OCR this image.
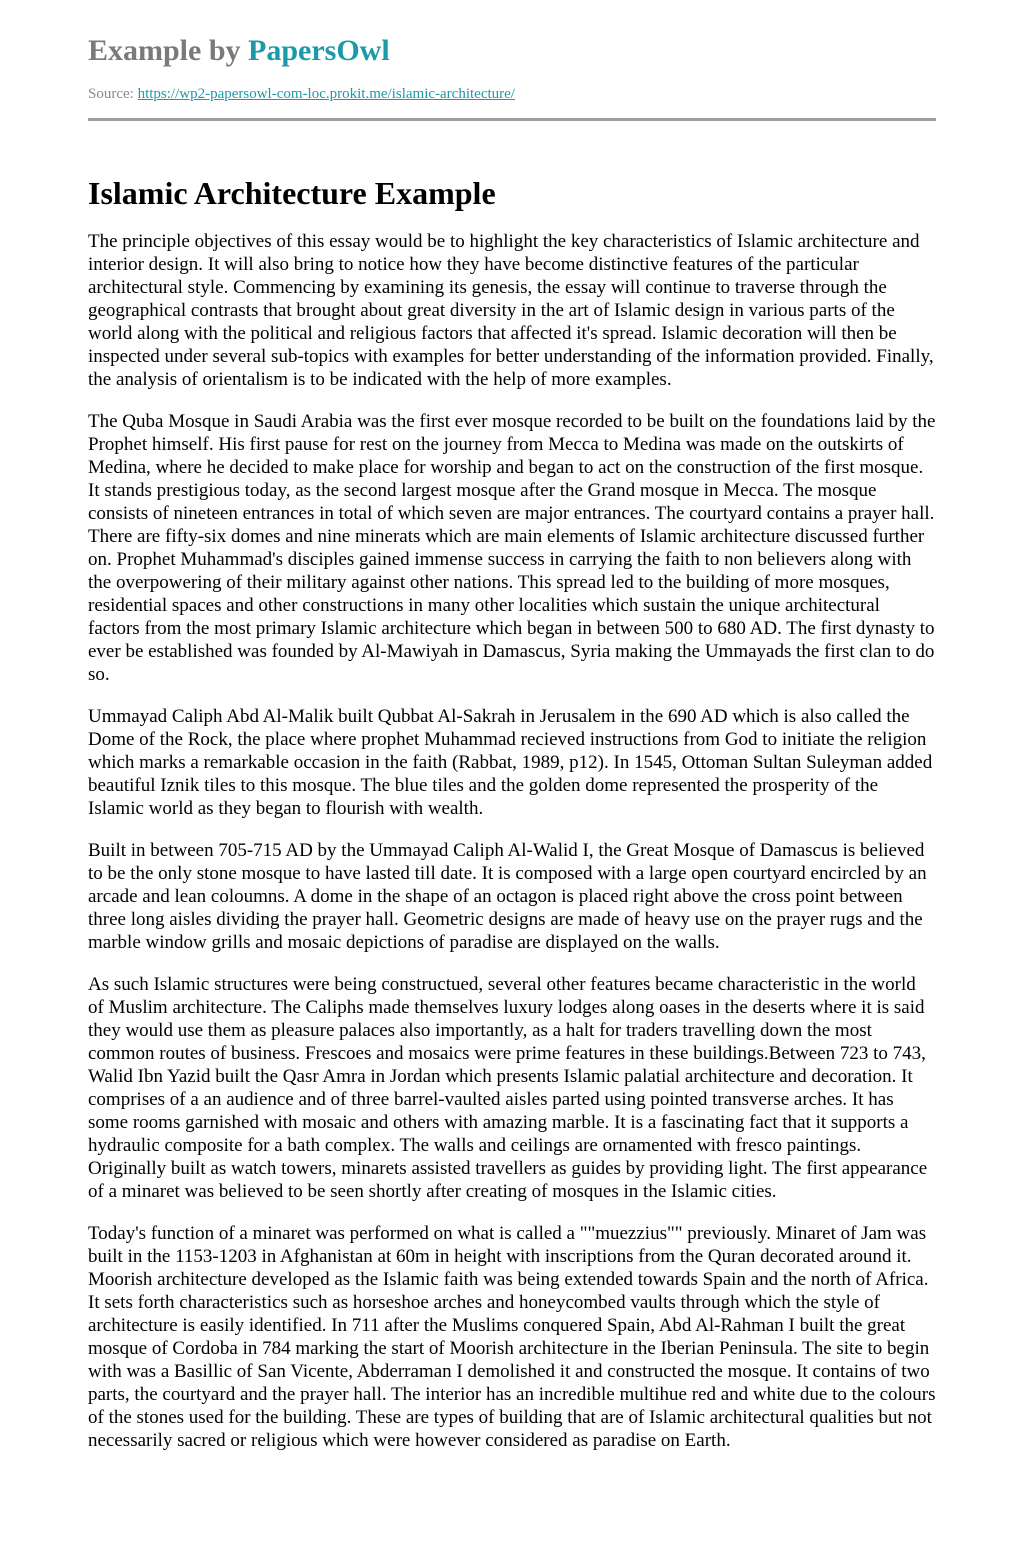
Example by PapersOwl
Source: https://wp2-papersowl-com-loc.prokit.me/islamic-architecture/
Islamic Architecture Example

The principle objectives of this essay would be to highlight the key characteristics of Islamic architecture and interior design. It will also bring to notice how they have become distinctive features of the particular architectural style. Commencing by examining its genesis, the essay will continue to traverse through the geographical contrasts that brought about great diversity in the art of Islamic design in various parts of the world along with the political and religious factors that affected it's spread. Islamic decoration will then be inspected under several sub-topics with examples for better understanding of the information provided. Finally, the analysis of orientalism is to be indicated with the help of more examples.

The Quba Mosque in Saudi Arabia was the first ever mosque recorded to be built on the foundations laid by the Prophet himself. His first pause for rest on the journey from Mecca to Medina was made on the outskirts of Medina, where he decided to make place for worship and began to act on the construction of the first mosque. It stands prestigious today, as the second largest mosque after the Grand mosque in Mecca. The mosque consists of nineteen entrances in total of which seven are major entrances. The courtyard contains a prayer hall. There are fifty-six domes and nine minerats which are main elements of Islamic architecture discussed further on. Prophet Muhammad's disciples gained immense success in carrying the faith to non believers along with the overpowering of their military against other nations. This spread led to the building of more mosques, residential spaces and other constructions in many other localities which sustain the unique architectural factors from the most primary Islamic architecture which began in between 500 to 680 AD. The first dynasty to ever be established was founded by Al-Mawiyah in Damascus, Syria making the Ummayads the first clan to do so.

Ummayad Caliph Abd Al-Malik built Qubbat Al-Sakrah in Jerusalem in the 690 AD which is also called the Dome of the Rock, the place where prophet Muhammad recieved instructions from God to initiate the religion which marks a remarkable occasion in the faith (Rabbat, 1989, p12). In 1545, Ottoman Sultan Suleyman added beautiful Iznik tiles to this mosque. The blue tiles and the golden dome represented the prosperity of the Islamic world as they began to flourish with wealth.

Built in between 705-715 AD by the Ummayad Caliph Al-Walid I, the Great Mosque of Damascus is believed to be the only stone mosque to have lasted till date. It is composed with a large open courtyard encircled by an arcade and lean coloumns. A dome in the shape of an octagon is placed right above the cross point between three long aisles dividing the prayer hall. Geometric designs are made of heavy use on the prayer rugs and the marble window grills and mosaic depictions of paradise are displayed on the walls.

As such Islamic structures were being constructued, several other features became characteristic in the world of Muslim architecture. The Caliphs made themselves luxury lodges along oases in the deserts where it is said they would use them as pleasure palaces also importantly, as a halt for traders travelling down the most common routes of business. Frescoes and mosaics were prime features in these buildings.Between 723 to 743, Walid Ibn Yazid built the Qasr Amra in Jordan which presents Islamic palatial architecture and decoration. It comprises of a an audience and of three barrel-vaulted aisles parted using pointed transverse arches. It has some rooms garnished with mosaic and others with amazing marble. It is a fascinating fact that it supports a hydraulic composite for a bath complex. The walls and ceilings are ornamented with fresco paintings. Originally built as watch towers, minarets assisted travellers as guides by providing light. The first appearance of a minaret was believed to be seen shortly after creating of mosques in the Islamic cities.

Today's function of a minaret was performed on what is called a ""muezzius"" previously. Minaret of Jam was built in the 1153-1203 in Afghanistan at 60m in height with inscriptions from the Quran decorated around it. Moorish architecture developed as the Islamic faith was being extended towards Spain and the north of Africa. It sets forth characteristics such as horseshoe arches and honeycombed vaults through which the style of architecture is easily identified. In 711 after the Muslims conquered Spain, Abd Al-Rahman I built the great mosque of Cordoba in 784 marking the start of Moorish architecture in the Iberian Peninsula. The site to begin with was a Basillic of San Vicente, Abderraman I demolished it and constructed the mosque. It contains of two parts, the courtyard and the prayer hall. The interior has an incredible multihue red and white due to the colours of the stones used for the building. These are types of building that are of Islamic architectural qualities but not necessarily sacred or religious which were however considered as paradise on Earth.
